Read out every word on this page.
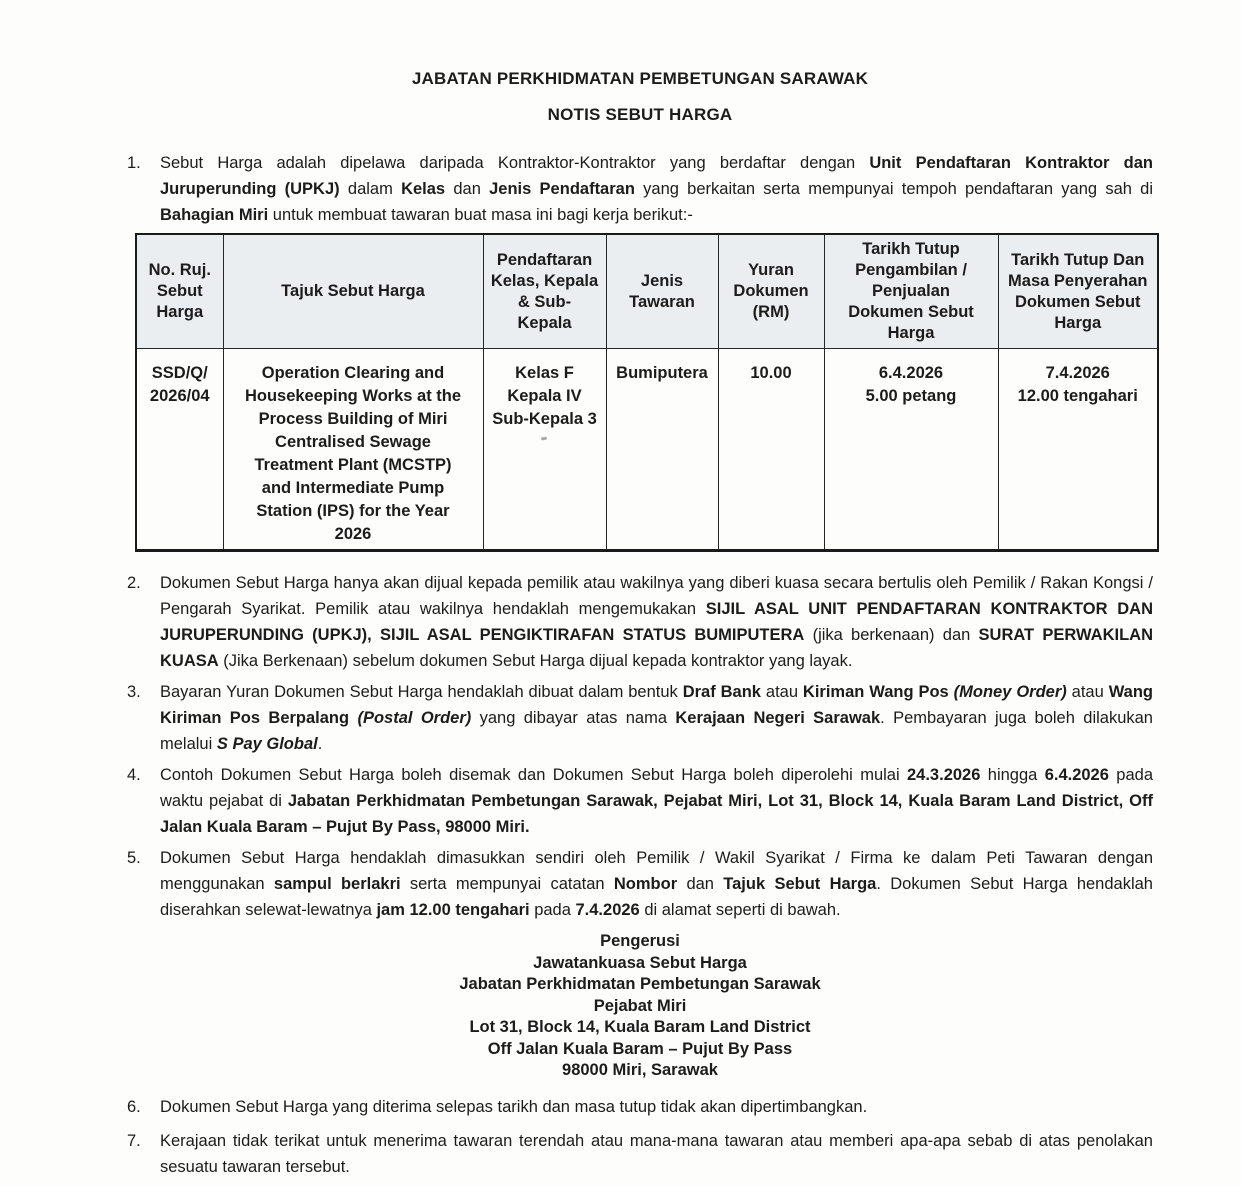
JABATAN PERKHIDMATAN PEMBETUNGAN SARAWAK
NOTIS SEBUT HARGA
1.	Sebut Harga adalah dipelawa daripada Kontraktor-Kontraktor yang berdaftar dengan Unit Pendaftaran Kontraktor dan Juruperunding (UPKJ) dalam Kelas dan Jenis Pendaftaran yang berkaitan serta mempunyai tempoh pendaftaran yang sah di Bahagian Miri untuk membuat tawaran buat masa ini bagi kerja berikut:-
No. Ruj.
Sebut
Harga	Tajuk Sebut Harga	Pendaftaran
Kelas, Kepala
& Sub-
Kepala	Jenis
Tawaran	Yuran
Dokumen
(RM)	Tarikh Tutup
Pengambilan /
Penjualan
Dokumen Sebut
Harga	Tarikh Tutup Dan
Masa Penyerahan
Dokumen Sebut
Harga
SSD/Q/
2026/04	Operation Clearing and
Housekeeping Works at the
Process Building of Miri
Centralised Sewage
Treatment Plant (MCSTP)
and Intermediate Pump
Station (IPS) for the Year
2026	
Kelas F
Kepala IV
Sub-Kepala 3	Bumiputera	10.00	6.4.2026
5.00 petang	7.4.2026
12.00 tengahari
2.	Dokumen Sebut Harga hanya akan dijual kepada pemilik atau wakilnya yang diberi kuasa secara bertulis oleh Pemilik / Rakan Kongsi / Pengarah Syarikat. Pemilik atau wakilnya hendaklah mengemukakan SIJIL ASAL UNIT PENDAFTARAN KONTRAKTOR DAN JURUPERUNDING (UPKJ), SIJIL ASAL PENGIKTIRAFAN STATUS BUMIPUTERA (jika berkenaan) dan SURAT PERWAKILAN KUASA (Jika Berkenaan) sebelum dokumen Sebut Harga dijual kepada kontraktor yang layak.
3.	Bayaran Yuran Dokumen Sebut Harga hendaklah dibuat dalam bentuk Draf Bank atau Kiriman Wang Pos (Money Order) atau Wang Kiriman Pos Berpalang (Postal Order) yang dibayar atas nama Kerajaan Negeri Sarawak. Pembayaran juga boleh dilakukan melalui S Pay Global.
4.	Contoh Dokumen Sebut Harga boleh disemak dan Dokumen Sebut Harga boleh diperolehi mulai 24.3.2026 hingga 6.4.2026 pada waktu pejabat di Jabatan Perkhidmatan Pembetungan Sarawak, Pejabat Miri, Lot 31, Block 14, Kuala Baram Land District, Off Jalan Kuala Baram – Pujut By Pass, 98000 Miri.
5.	Dokumen Sebut Harga hendaklah dimasukkan sendiri oleh Pemilik / Wakil Syarikat / Firma ke dalam Peti Tawaran dengan menggunakan sampul berlakri serta mempunyai catatan Nombor dan Tajuk Sebut Harga. Dokumen Sebut Harga hendaklah diserahkan selewat-lewatnya jam 12.00 tengahari pada 7.4.2026 di alamat seperti di bawah.
Pengerusi
Jawatankuasa Sebut Harga
Jabatan Perkhidmatan Pembetungan Sarawak
Pejabat Miri
Lot 31, Block 14, Kuala Baram Land District
Off Jalan Kuala Baram – Pujut By Pass
98000 Miri, Sarawak
6.	Dokumen Sebut Harga yang diterima selepas tarikh dan masa tutup tidak akan dipertimbangkan.
7.	Kerajaan tidak terikat untuk menerima tawaran terendah atau mana-mana tawaran atau memberi apa-apa sebab di atas penolakan sesuatu tawaran tersebut.
